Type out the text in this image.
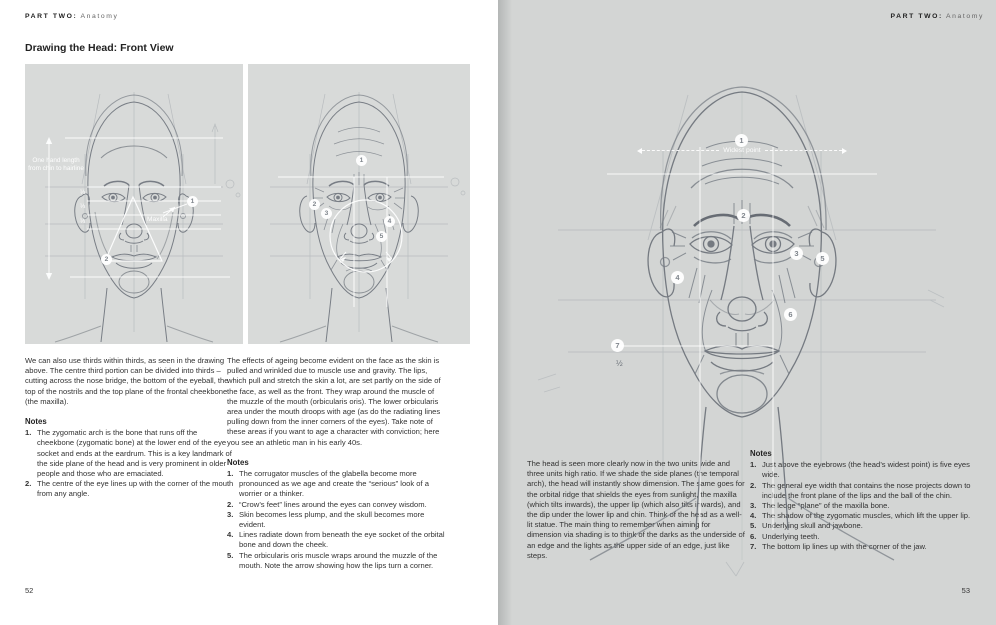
PART TWO: Anatomy
Drawing the Head: Front View
One hand length from chin to hairline
⅓
⅓
⅓	Maxilla
1
2
1
2
3
4
5

We can also use thirds within thirds, as seen in the drawing above. The centre third portion can be divided into thirds – cutting across the nose bridge, the bottom of the eyeball, the top of the nostrils and the top plane of the frontal cheekbone (the maxilla).

Notes
1. The zygomatic arch is the bone that runs off the cheekbone (zygomatic bone) at the lower end of the eye socket and ends at the eardrum. This is a key landmark of the side plane of the head and is very prominent in older people and those who are emaciated.
2. The centre of the eye lines up with the corner of the mouth from any angle.

The effects of ageing become evident on the face as the skin is pulled and wrinkled due to muscle use and gravity. The lips, which pull and stretch the skin a lot, are set partly on the side of the face, as well as the front. They wrap around the muscle of the muzzle of the mouth (orbicularis oris). The lower orbicularis area under the mouth droops with age (as do the radiating lines pulling down from the inner corners of the eyes). Take note of these areas if you want to age a character with conviction; here you see an athletic man in his early 40s.

Notes
1. The corrugator muscles of the glabella become more pronounced as we age and create the “serious” look of a worrier or a thinker.
2. “Crow’s feet” lines around the eyes can convey wisdom.
3. Skin becomes less plump, and the skull becomes more evident.
4. Lines radiate down from beneath the eye socket of the orbital bone and down the cheek.
5. The orbicularis oris muscle wraps around the muzzle of the mouth. Note the arrow showing how the lips turn a corner.
52
PART TWO: Anatomy
Widest point
1
2
3
4
5
6
7
½

The head is seen more clearly now in the two units wide and three units high ratio. If we shade the side planes (the temporal arch), the head will instantly show dimension. The same goes for the orbital ridge that shields the eyes from sunlight, the maxilla (which tilts inwards), the upper lip (which also tilts inwards), and the dip under the lower lip and chin. Think of the head as a well-lit statue. The main thing to remember when aiming for dimension via shading is to think of the darks as the underside of an edge and the lights as the upper side of an edge, just like steps.

Notes
1. Just above the eyebrows (the head’s widest point) is five eyes wide.
2. The general eye width that contains the nose projects down to include the front plane of the lips and the ball of the chin.
3. The ledge “plane” of the maxilla bone.
4. The shadow of the zygomatic muscles, which lift the upper lip.
5. Underlying skull and jawbone.
6. Underlying teeth.
7. The bottom lip lines up with the corner of the jaw.
53
